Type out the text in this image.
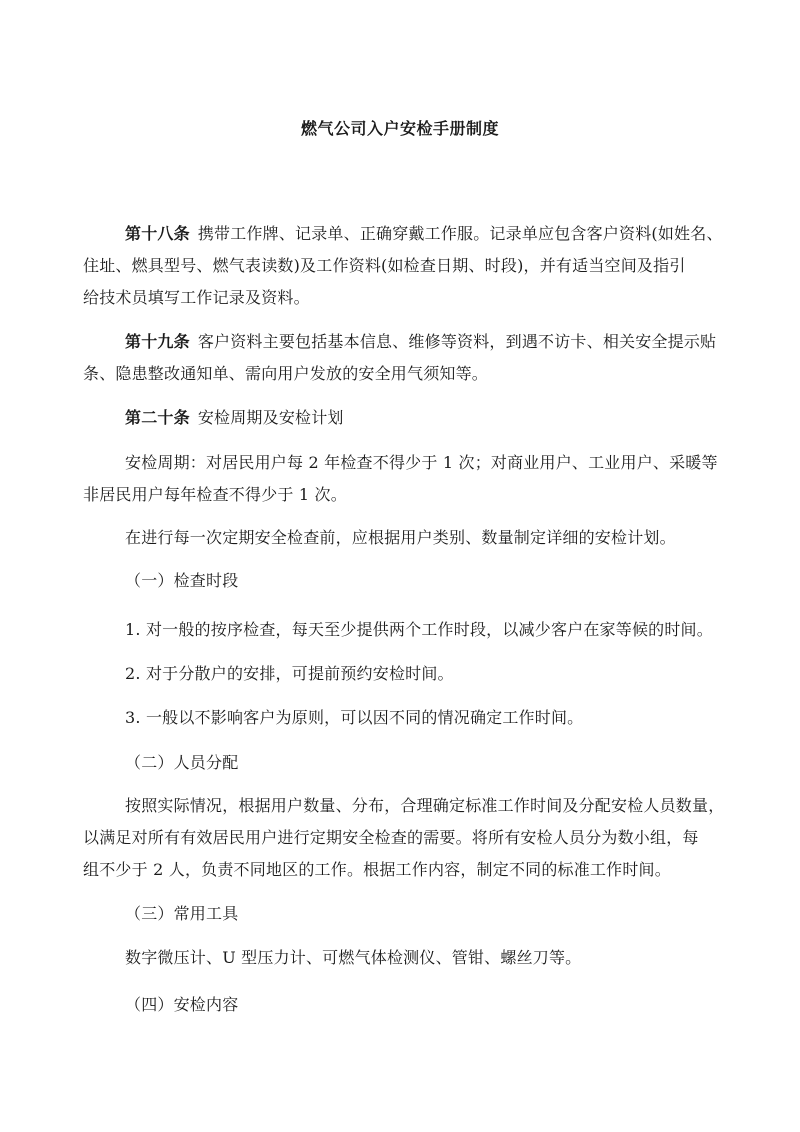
燃气公司入户安检手册制度
第十八条 携带工作牌、记录单、正确穿戴工作服。记录单应包含客户资料(如姓名、
住址、燃具型号、燃气表读数)及工作资料(如检查日期、时段)，并有适当空间及指引
给技术员填写工作记录及资料。
第十九条 客户资料主要包括基本信息、维修等资料，到遇不访卡、相关安全提示贴
条、隐患整改通知单、需向用户发放的安全用气须知等。
第二十条 安检周期及安检计划
安检周期：对居民用户每 2 年检查不得少于 1 次；对商业用户、工业用户、采暖等
非居民用户每年检查不得少于 1 次。
在进行每一次定期安全检查前，应根据用户类别、数量制定详细的安检计划。
（一）检查时段
1. 对一般的按序检查，每天至少提供两个工作时段，以减少客户在家等候的时间。
2. 对于分散户的安排，可提前预约安检时间。
3. 一般以不影响客户为原则，可以因不同的情况确定工作时间。
（二）人员分配
按照实际情况，根据用户数量、分布，合理确定标准工作时间及分配安检人员数量，
以满足对所有有效居民用户进行定期安全检查的需要。将所有安检人员分为数小组，每
组不少于 2 人，负责不同地区的工作。根据工作内容，制定不同的标准工作时间。
（三）常用工具
数字微压计、U 型压力计、可燃气体检测仪、管钳、螺丝刀等。
（四）安检内容
